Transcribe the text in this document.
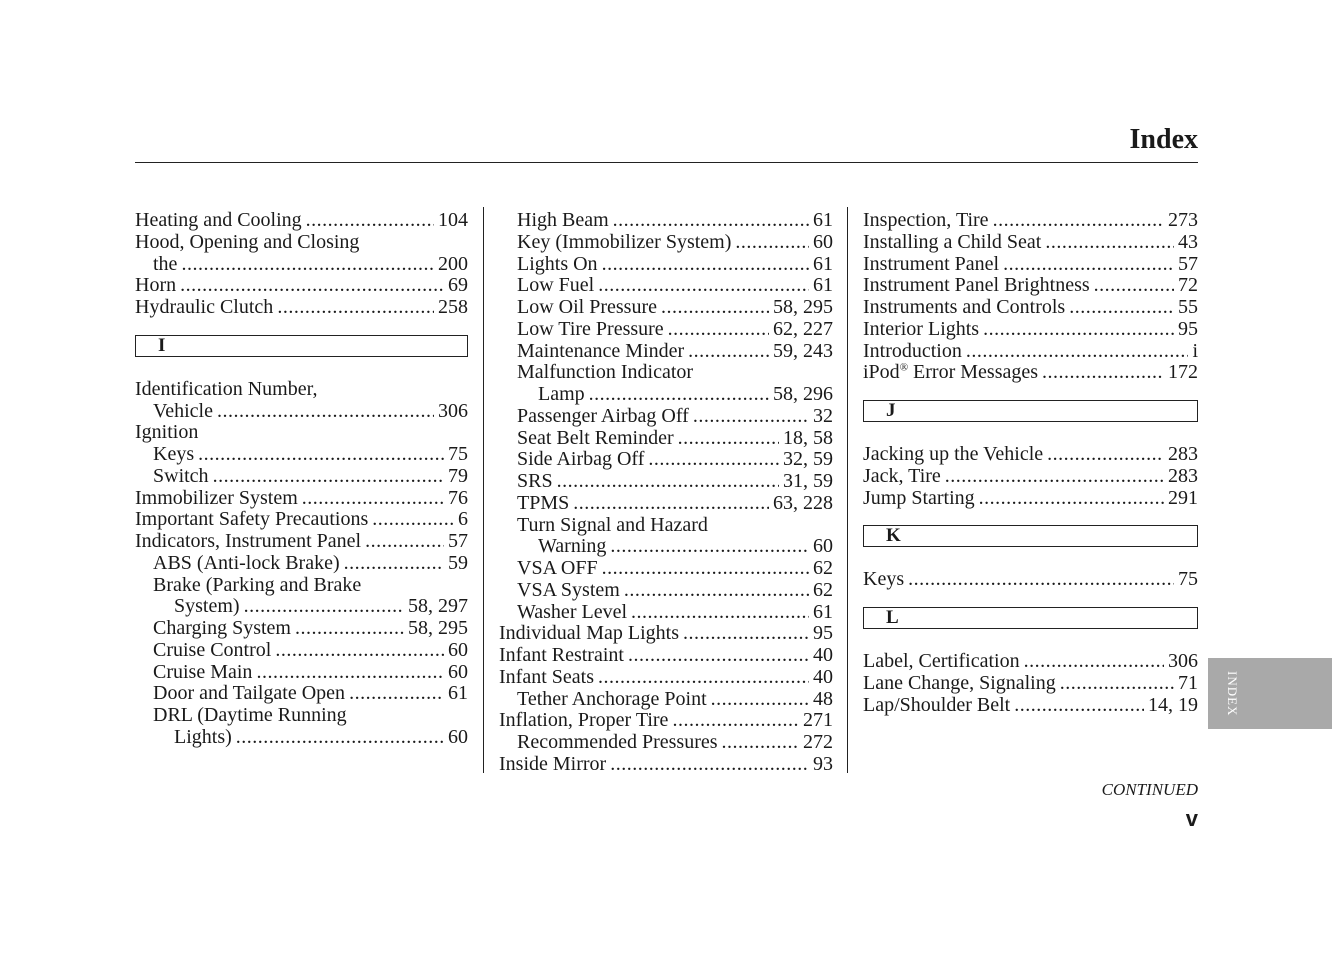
Index
Heating and Cooling .....	104
Hood, Opening and Closing
the .....	200
Horn .....	69
Hydraulic Clutch .....	258
I
Identification Number,
Vehicle .....	306
Ignition
Keys .....	75
Switch .....	79
Immobilizer System .....	76
Important Safety Precautions .....	6
Indicators, Instrument Panel .....	57
ABS (Anti-lock Brake) .....	59
Brake (Parking and Brake
System) .....	58, 297
Charging System .....	58, 295
Cruise Control .....	60
Cruise Main .....	60
Door and Tailgate Open .....	61
DRL (Daytime Running
Lights) .....	60
High Beam .....	61
Key (Immobilizer System) .....	60
Lights On .....	61
Low Fuel .....	61
Low Oil Pressure .....	58, 295
Low Tire Pressure .....	62, 227
Maintenance Minder .....	59, 243
Malfunction Indicator
Lamp .....	58, 296
Passenger Airbag Off .....	32
Seat Belt Reminder .....	18, 58
Side Airbag Off .....	32, 59
SRS .....	31, 59
TPMS .....	63, 228
Turn Signal and Hazard
Warning .....	60
VSA OFF .....	62
VSA System .....	62
Washer Level .....	61
Individual Map Lights .....	95
Infant Restraint .....	40
Infant Seats .....	40
Tether Anchorage Point .....	48
Inflation, Proper Tire .....	271
Recommended Pressures .....	272
Inside Mirror .....	93
Inspection, Tire .....	273
Installing a Child Seat .....	43
Instrument Panel .....	57
Instrument Panel Brightness .....	72
Instruments and Controls .....	55
Interior Lights .....	95
Introduction .....	i
iPod® Error Messages .....	172
J
Jacking up the Vehicle .....	283
Jack, Tire .....	283
Jump Starting .....	291
K
Keys .....	75
L
Label, Certification .....	306
Lane Change, Signaling .....	71
Lap/Shoulder Belt .....	14, 19 INDEX
CONTINUED
v
